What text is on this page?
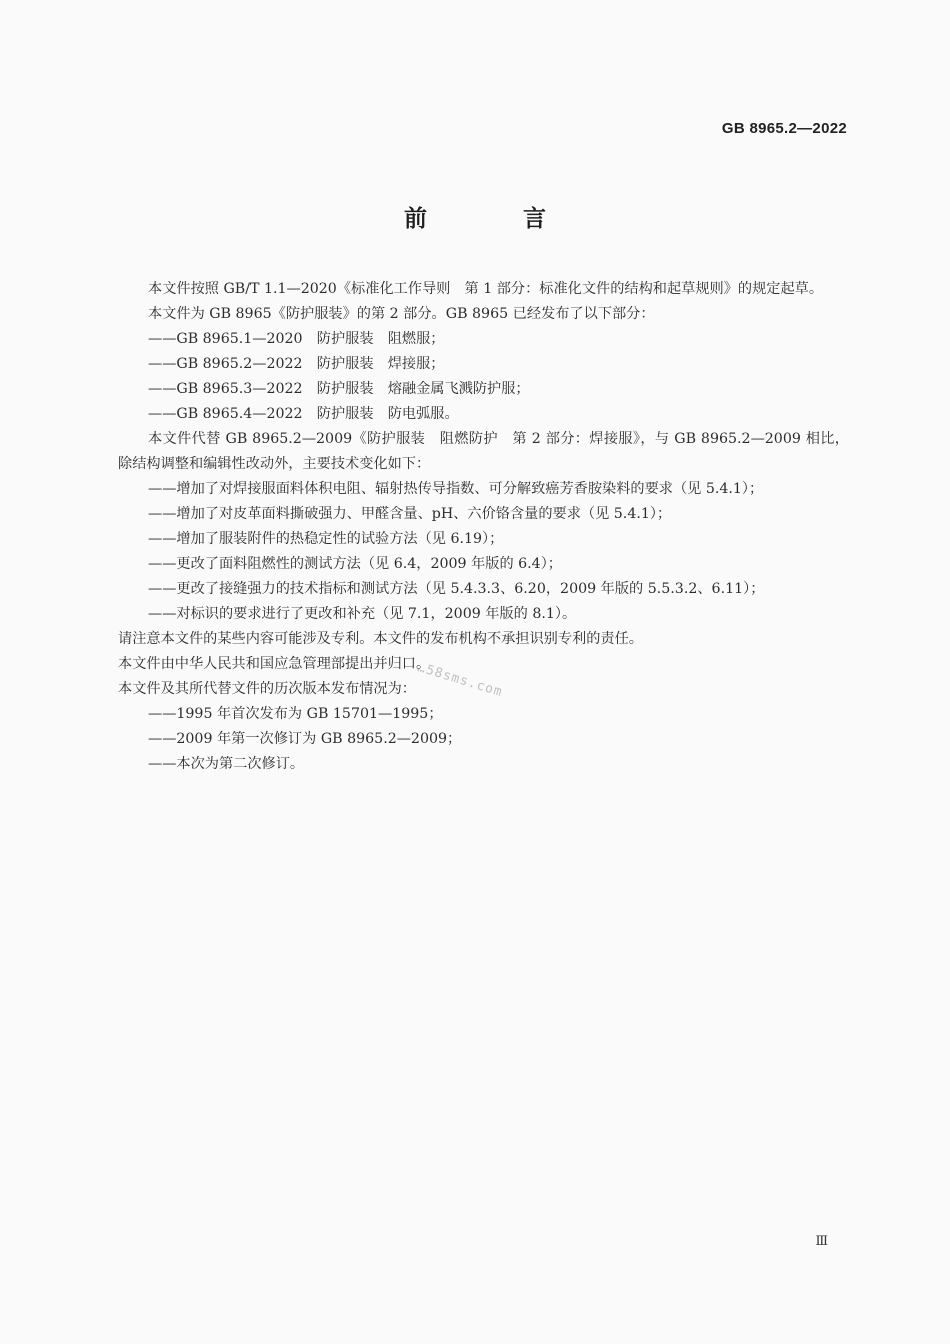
GB 8965.2—2022
前 言

本文件按照 GB/T 1.1—2020《标准化工作导则　第 1 部分：标准化文件的结构和起草规则》的规定起草。

本文件为 GB 8965《防护服装》的第 2 部分。GB 8965 已经发布了以下部分：

——GB 8965.1—2020　防护服装　阻燃服；

——GB 8965.2—2022　防护服装　焊接服；

——GB 8965.3—2022　防护服装　熔融金属飞溅防护服；

——GB 8965.4—2022　防护服装　防电弧服。

本文件代替 GB 8965.2—2009《防护服装　阻燃防护　第 2 部分：焊接服》，与 GB 8965.2—2009 相比，除结构调整和编辑性改动外，主要技术变化如下：

——增加了对焊接服面料体积电阻、辐射热传导指数、可分解致癌芳香胺染料的要求（见 5.4.1）；

——增加了对皮革面料撕破强力、甲醛含量、pH、六价铬含量的要求（见 5.4.1）；

——增加了服装附件的热稳定性的试验方法（见 6.19）；

——更改了面料阻燃性的测试方法（见 6.4，2009 年版的 6.4）；

——更改了接缝强力的技术指标和测试方法（见 5.4.3.3、6.20，2009 年版的 5.5.3.2、6.11）；

——对标识的要求进行了更改和补充（见 7.1，2009 年版的 8.1）。

请注意本文件的某些内容可能涉及专利。本文件的发布机构不承担识别专利的责任。

本文件由中华人民共和国应急管理部提出并归口。

本文件及其所代替文件的历次版本发布情况为：

——1995 年首次发布为 GB 15701—1995；

——2009 年第一次修订为 GB 8965.2—2009；

——本次为第二次修订。

…58sms.com
Ⅲ
